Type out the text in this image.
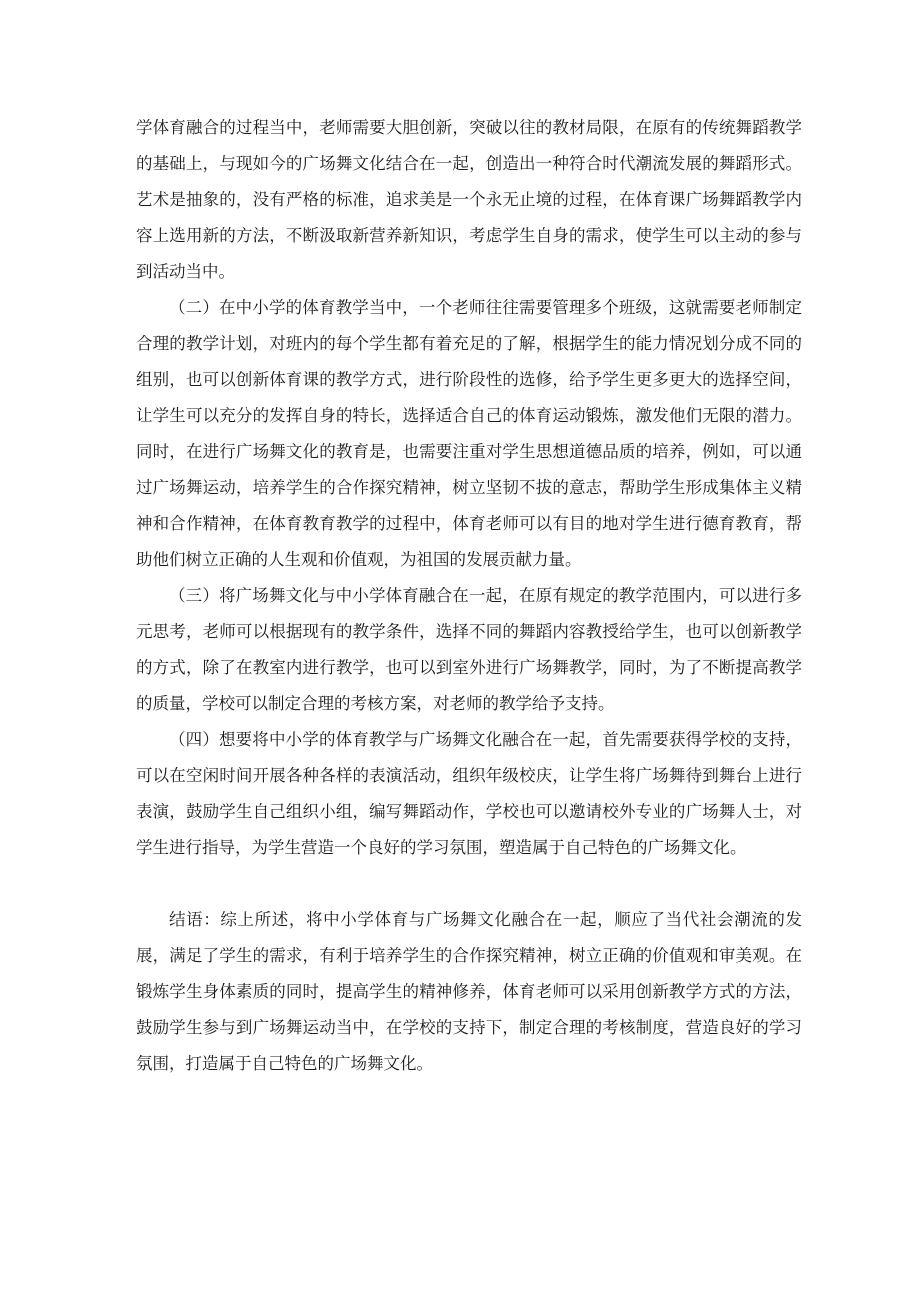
学体育融合的过程当中，老师需要大胆创新，突破以往的教材局限，在原有的传统舞蹈教学的基础上，与现如今的广场舞文化结合在一起，创造出一种符合时代潮流发展的舞蹈形式。艺术是抽象的，没有严格的标准，追求美是一个永无止境的过程，在体育课广场舞蹈教学内容上选用新的方法，不断汲取新营养新知识，考虑学生自身的需求，使学生可以主动的参与到活动当中。

（二）在中小学的体育教学当中，一个老师往往需要管理多个班级，这就需要老师制定合理的教学计划，对班内的每个学生都有着充足的了解，根据学生的能力情况划分成不同的组别，也可以创新体育课的教学方式，进行阶段性的选修，给予学生更多更大的选择空间，让学生可以充分的发挥自身的特长，选择适合自己的体育运动锻炼，激发他们无限的潜力。同时，在进行广场舞文化的教育是，也需要注重对学生思想道德品质的培养，例如，可以通过广场舞运动，培养学生的合作探究精神，树立坚韧不拔的意志，帮助学生形成集体主义精神和合作精神，在体育教育教学的过程中，体育老师可以有目的地对学生进行德育教育，帮助他们树立正确的人生观和价值观，为祖国的发展贡献力量。

（三）将广场舞文化与中小学体育融合在一起，在原有规定的教学范围内，可以进行多元思考，老师可以根据现有的教学条件，选择不同的舞蹈内容教授给学生，也可以创新教学的方式，除了在教室内进行教学，也可以到室外进行广场舞教学，同时，为了不断提高教学的质量，学校可以制定合理的考核方案，对老师的教学给予支持。

（四）想要将中小学的体育教学与广场舞文化融合在一起，首先需要获得学校的支持，可以在空闲时间开展各种各样的表演活动，组织年级校庆，让学生将广场舞待到舞台上进行表演，鼓励学生自己组织小组，编写舞蹈动作，学校也可以邀请校外专业的广场舞人士，对学生进行指导，为学生营造一个良好的学习氛围，塑造属于自己特色的广场舞文化。

结语：综上所述，将中小学体育与广场舞文化融合在一起，顺应了当代社会潮流的发展，满足了学生的需求，有利于培养学生的合作探究精神，树立正确的价值观和审美观。在锻炼学生身体素质的同时，提高学生的精神修养，体育老师可以采用创新教学方式的方法，鼓励学生参与到广场舞运动当中，在学校的支持下，制定合理的考核制度，营造良好的学习氛围，打造属于自己特色的广场舞文化。
